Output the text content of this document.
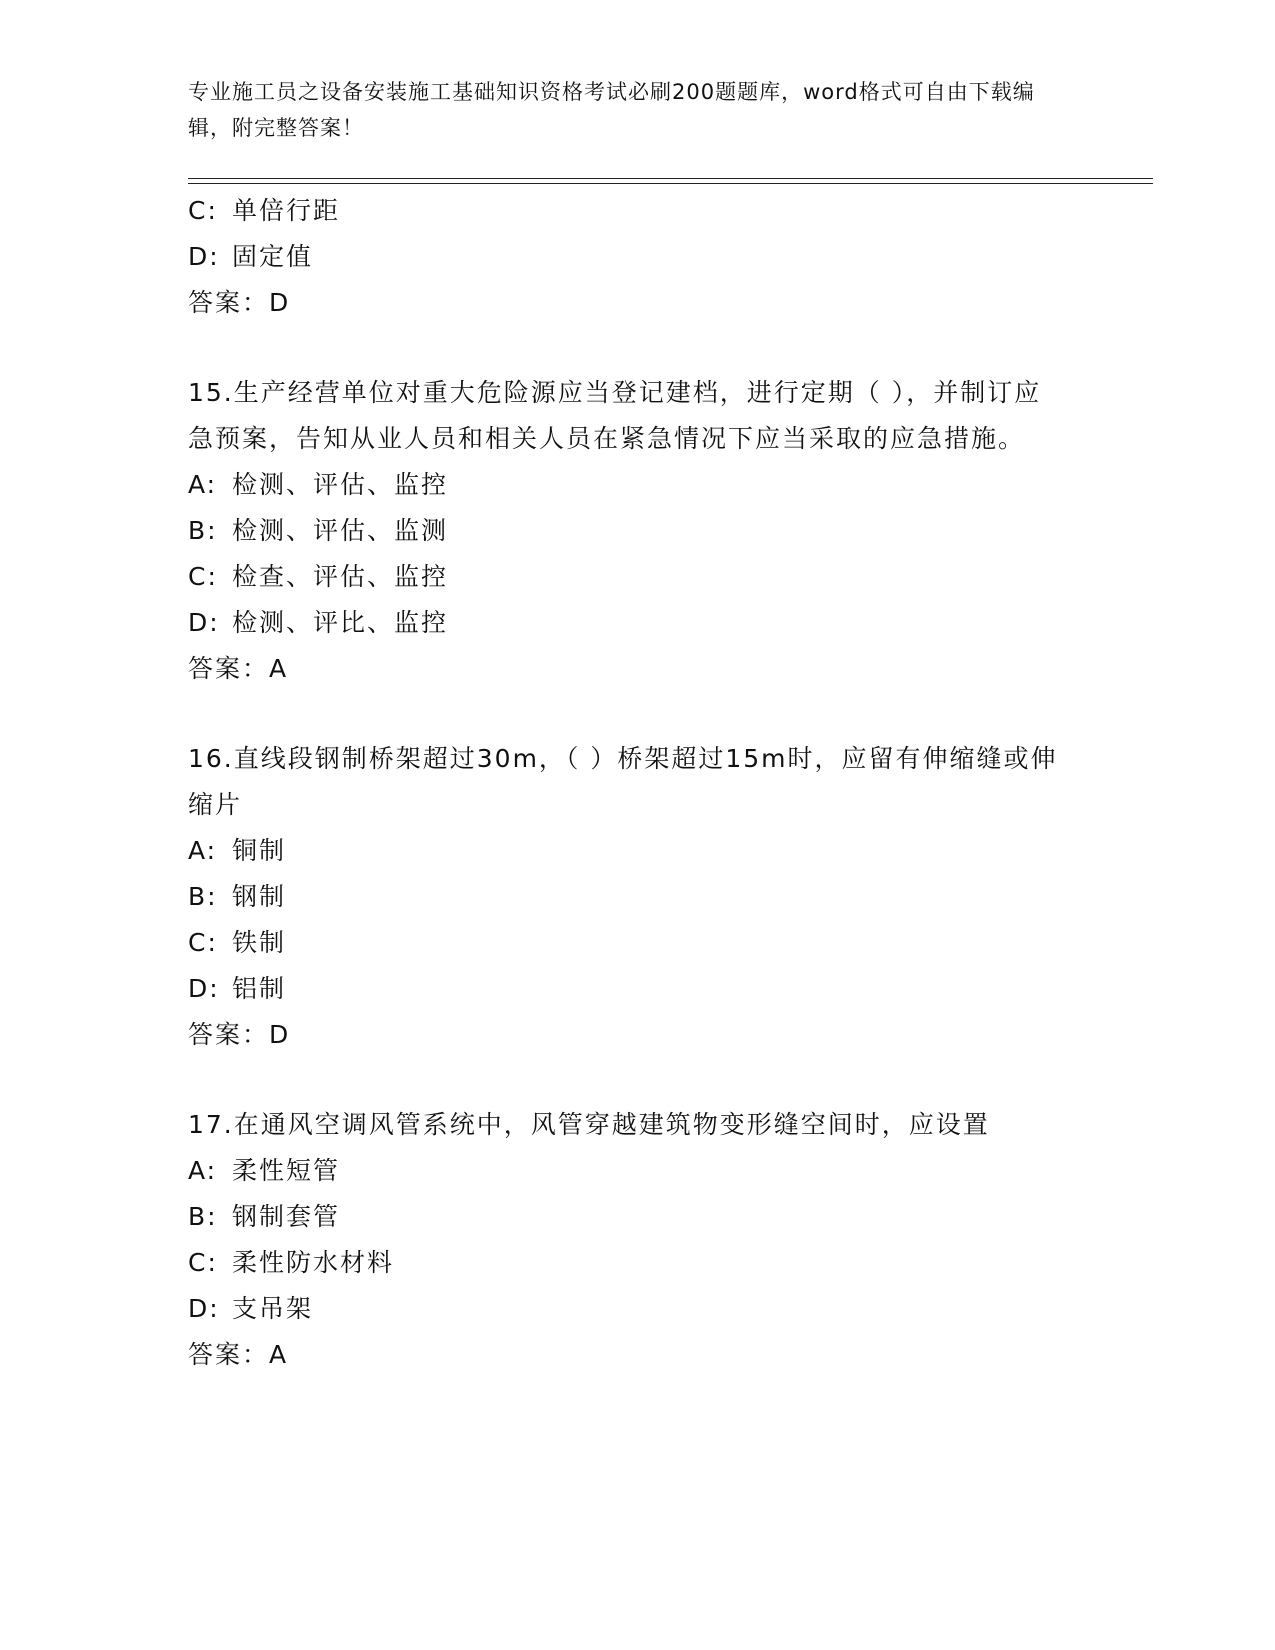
专业施工员之设备安装施工基础知识资格考试必刷200题题库，word格式可自由下载编辑，附完整答案！
C: 单倍行距
D: 固定值
答案：D
15.生产经营单位对重大危险源应当登记建档，进行定期（ ），并制订应急预案，告知从业人员和相关人员在紧急情况下应当采取的应急措施。
A: 检测、评估、监控
B: 检测、评估、监测
C: 检查、评估、监控
D: 检测、评比、监控
答案：A
16.直线段钢制桥架超过30m，（ ）桥架超过15m时，应留有伸缩缝或伸缩片
A: 铜制
B: 钢制
C: 铁制
D: 铝制
答案：D
17.在通风空调风管系统中，风管穿越建筑物变形缝空间时，应设置
A: 柔性短管
B: 钢制套管
C: 柔性防水材料
D: 支吊架
答案：A
